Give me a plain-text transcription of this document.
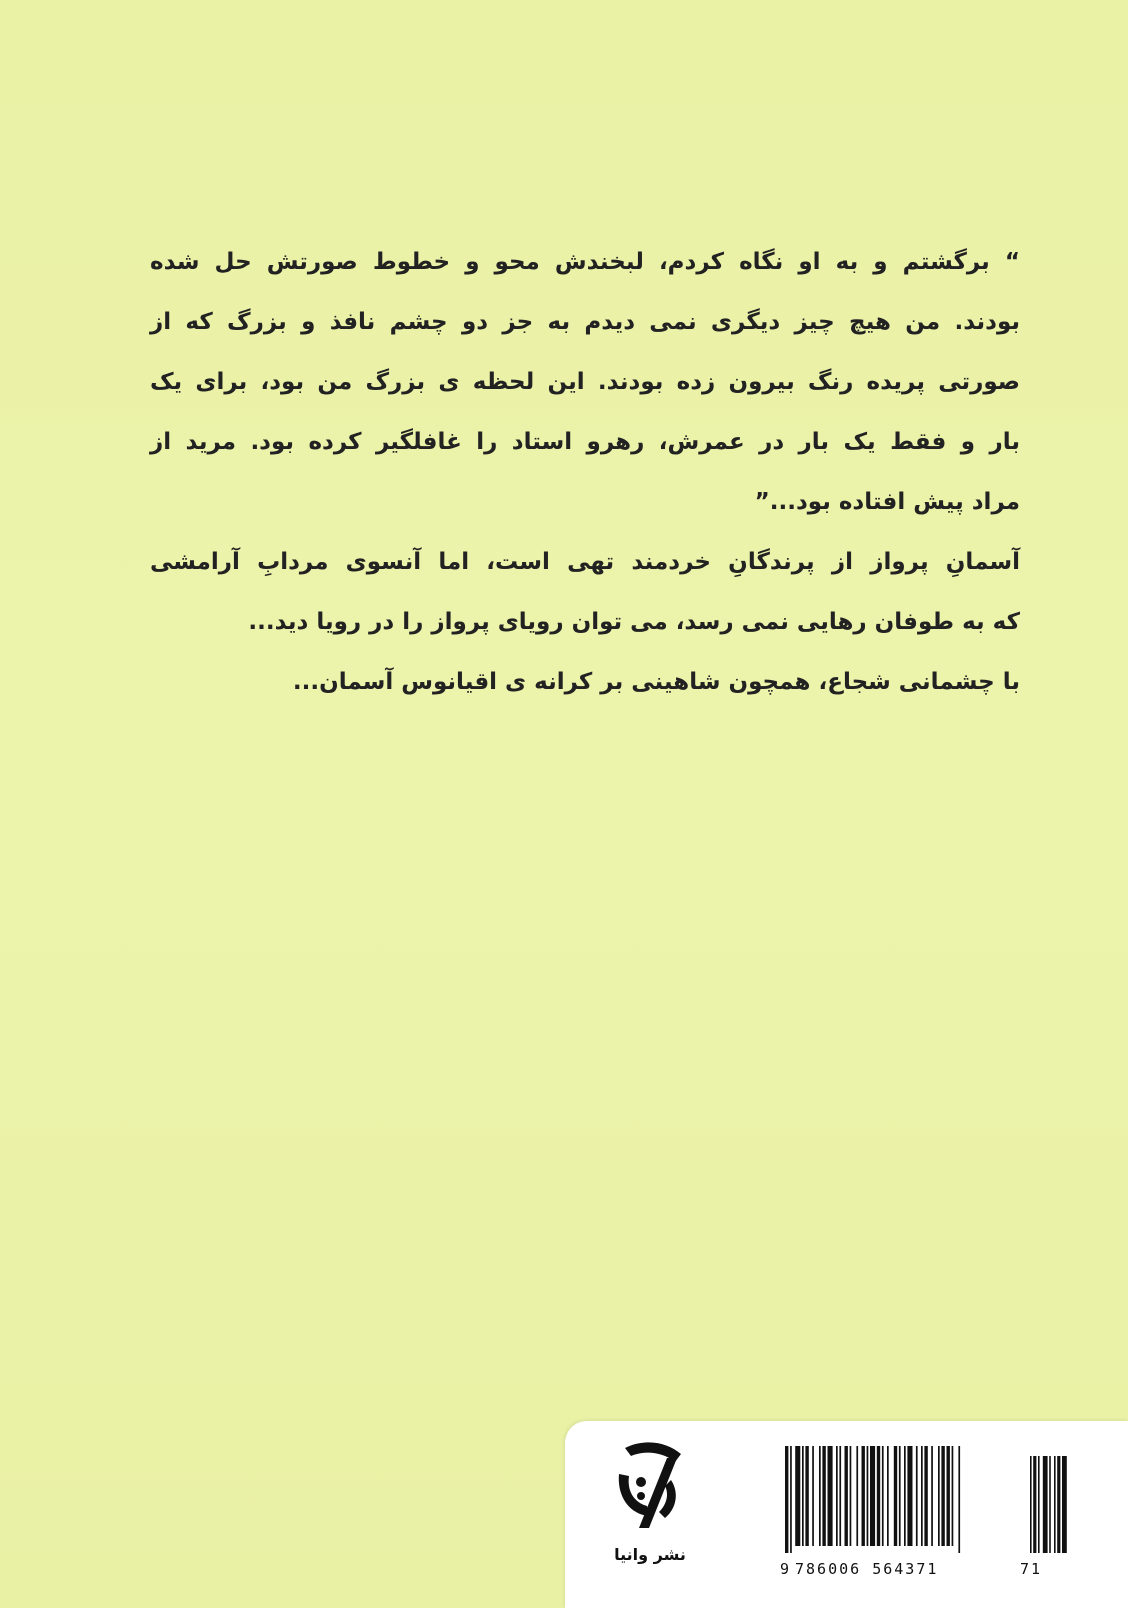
“ برگشتم و به او نگاه کردم، لبخندش محو و خطوط صورتش حل شده
بودند. من هیچ چیز دیگری نمی دیدم به جز دو چشم نافذ و بزرگ که از
صورتی پریده رنگ بیرون زده بودند. این لحظه ی بزرگ من بود، برای یک
بار و فقط یک بار در عمرش، رهرو استاد را غافلگیر کرده بود. مرید از
مراد پیش افتاده بود...”
آسمانِ پرواز از پرندگانِ خردمند تهی است، اما آنسوی مردابِ آرامشی
که به طوفان رهایی نمی رسد، می توان رویای پرواز را در رویا دید...
با چشمانی شجاع، همچون شاهینی بر کرانه ی اقیانوس آسمان...
نشر وانیا
9 786006 564371	71
